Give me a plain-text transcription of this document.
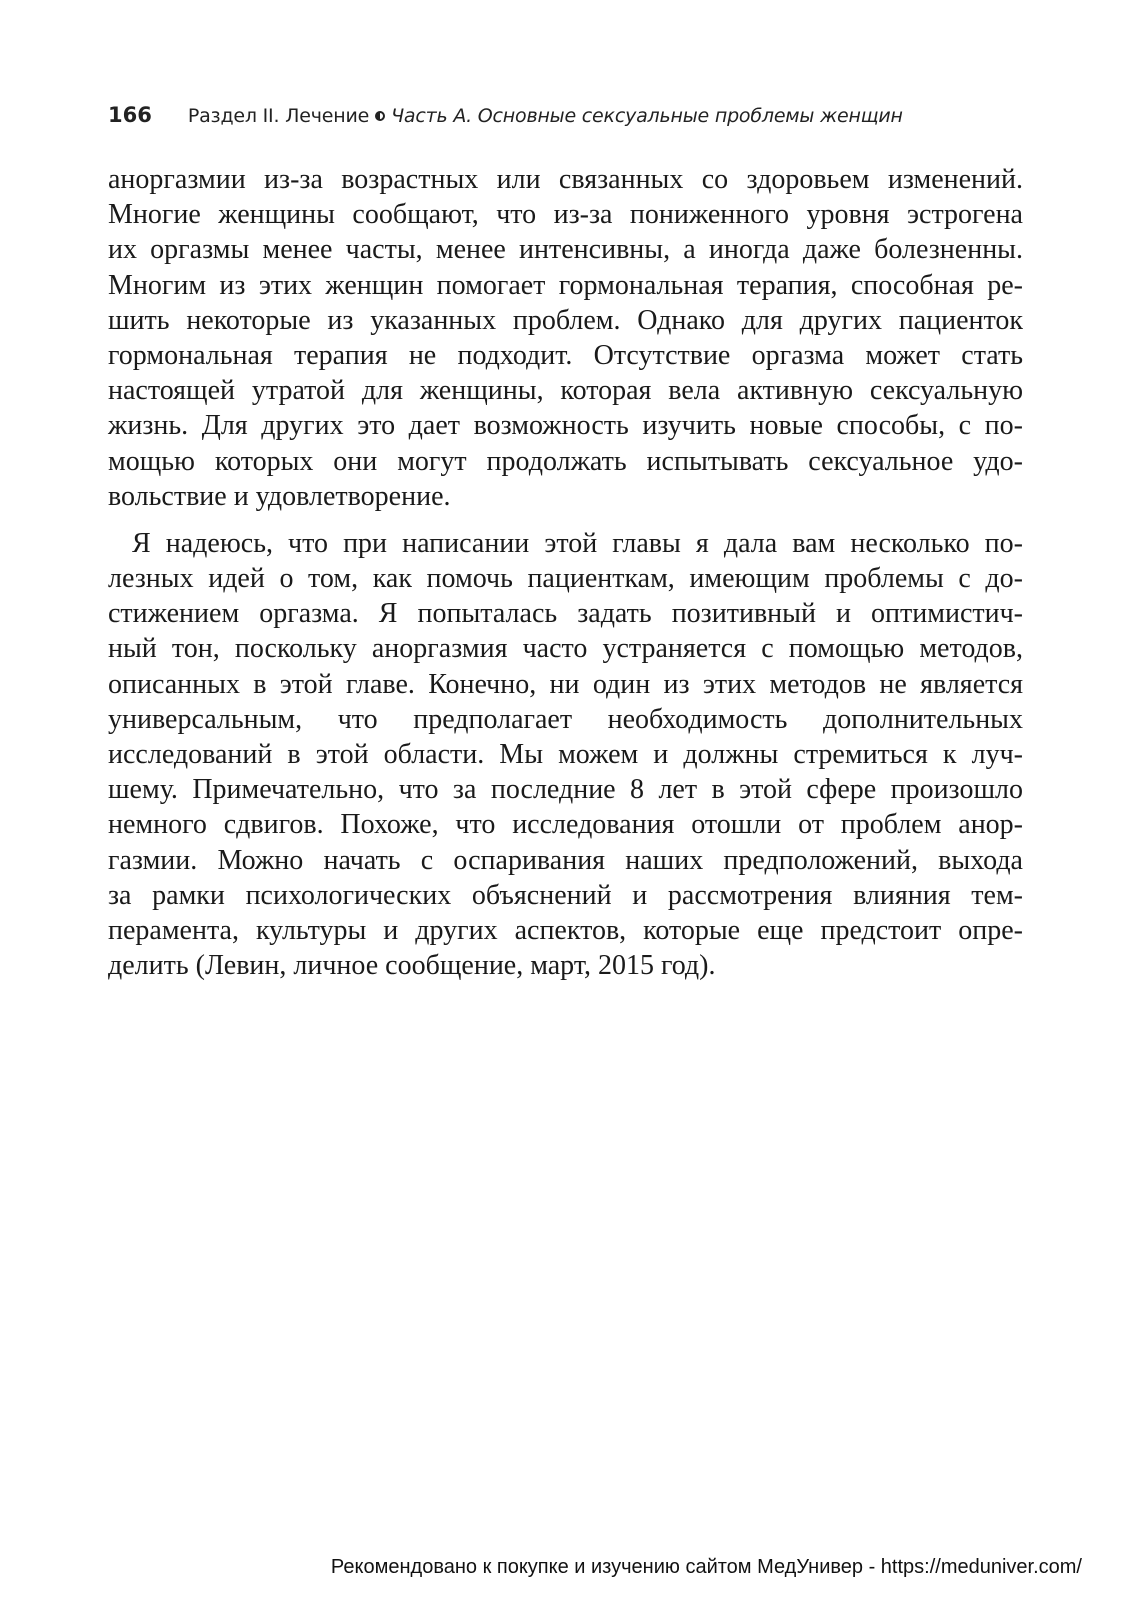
166 Раздел II. Лечение Часть А. Основные сексуальные проблемы женщин
аноргазмии из-за возрастных или связанных со здоровьем изменений.
Многие женщины сообщают, что из-за пониженного уровня эстрогена
их оргазмы менее часты, менее интенсивны, а иногда даже болезненны.
Многим из этих женщин помогает гормональная терапия, способная ре-
шить некоторые из указанных проблем. Однако для других пациенток
гормональная терапия не подходит. Отсутствие оргазма может стать
настоящей утратой для женщины, которая вела активную сексуальную
жизнь. Для других это дает возможность изучить новые способы, с по-
мощью которых они могут продолжать испытывать сексуальное удо-
вольствие и удовлетворение.
Я надеюсь, что при написании этой главы я дала вам несколько по-
лезных идей о том, как помочь пациенткам, имеющим проблемы с до-
стижением оргазма. Я попыталась задать позитивный и оптимистич-
ный тон, поскольку аноргазмия часто устраняется с помощью методов,
описанных в этой главе. Конечно, ни один из этих методов не является
универсальным, что предполагает необходимость дополнительных
исследований в этой области. Мы можем и должны стремиться к луч-
шему. Примечательно, что за последние 8 лет в этой сфере произошло
немного сдвигов. Похоже, что исследования отошли от проблем анор-
газмии. Можно начать с оспаривания наших предположений, выхода
за рамки психологических объяснений и рассмотрения влияния тем-
перамента, культуры и других аспектов, которые еще предстоит опре-
делить (Левин, личное сообщение, март, 2015 год).
Рекомендовано к покупке и изучению сайтом МедУнивер - https://meduniver.com/
